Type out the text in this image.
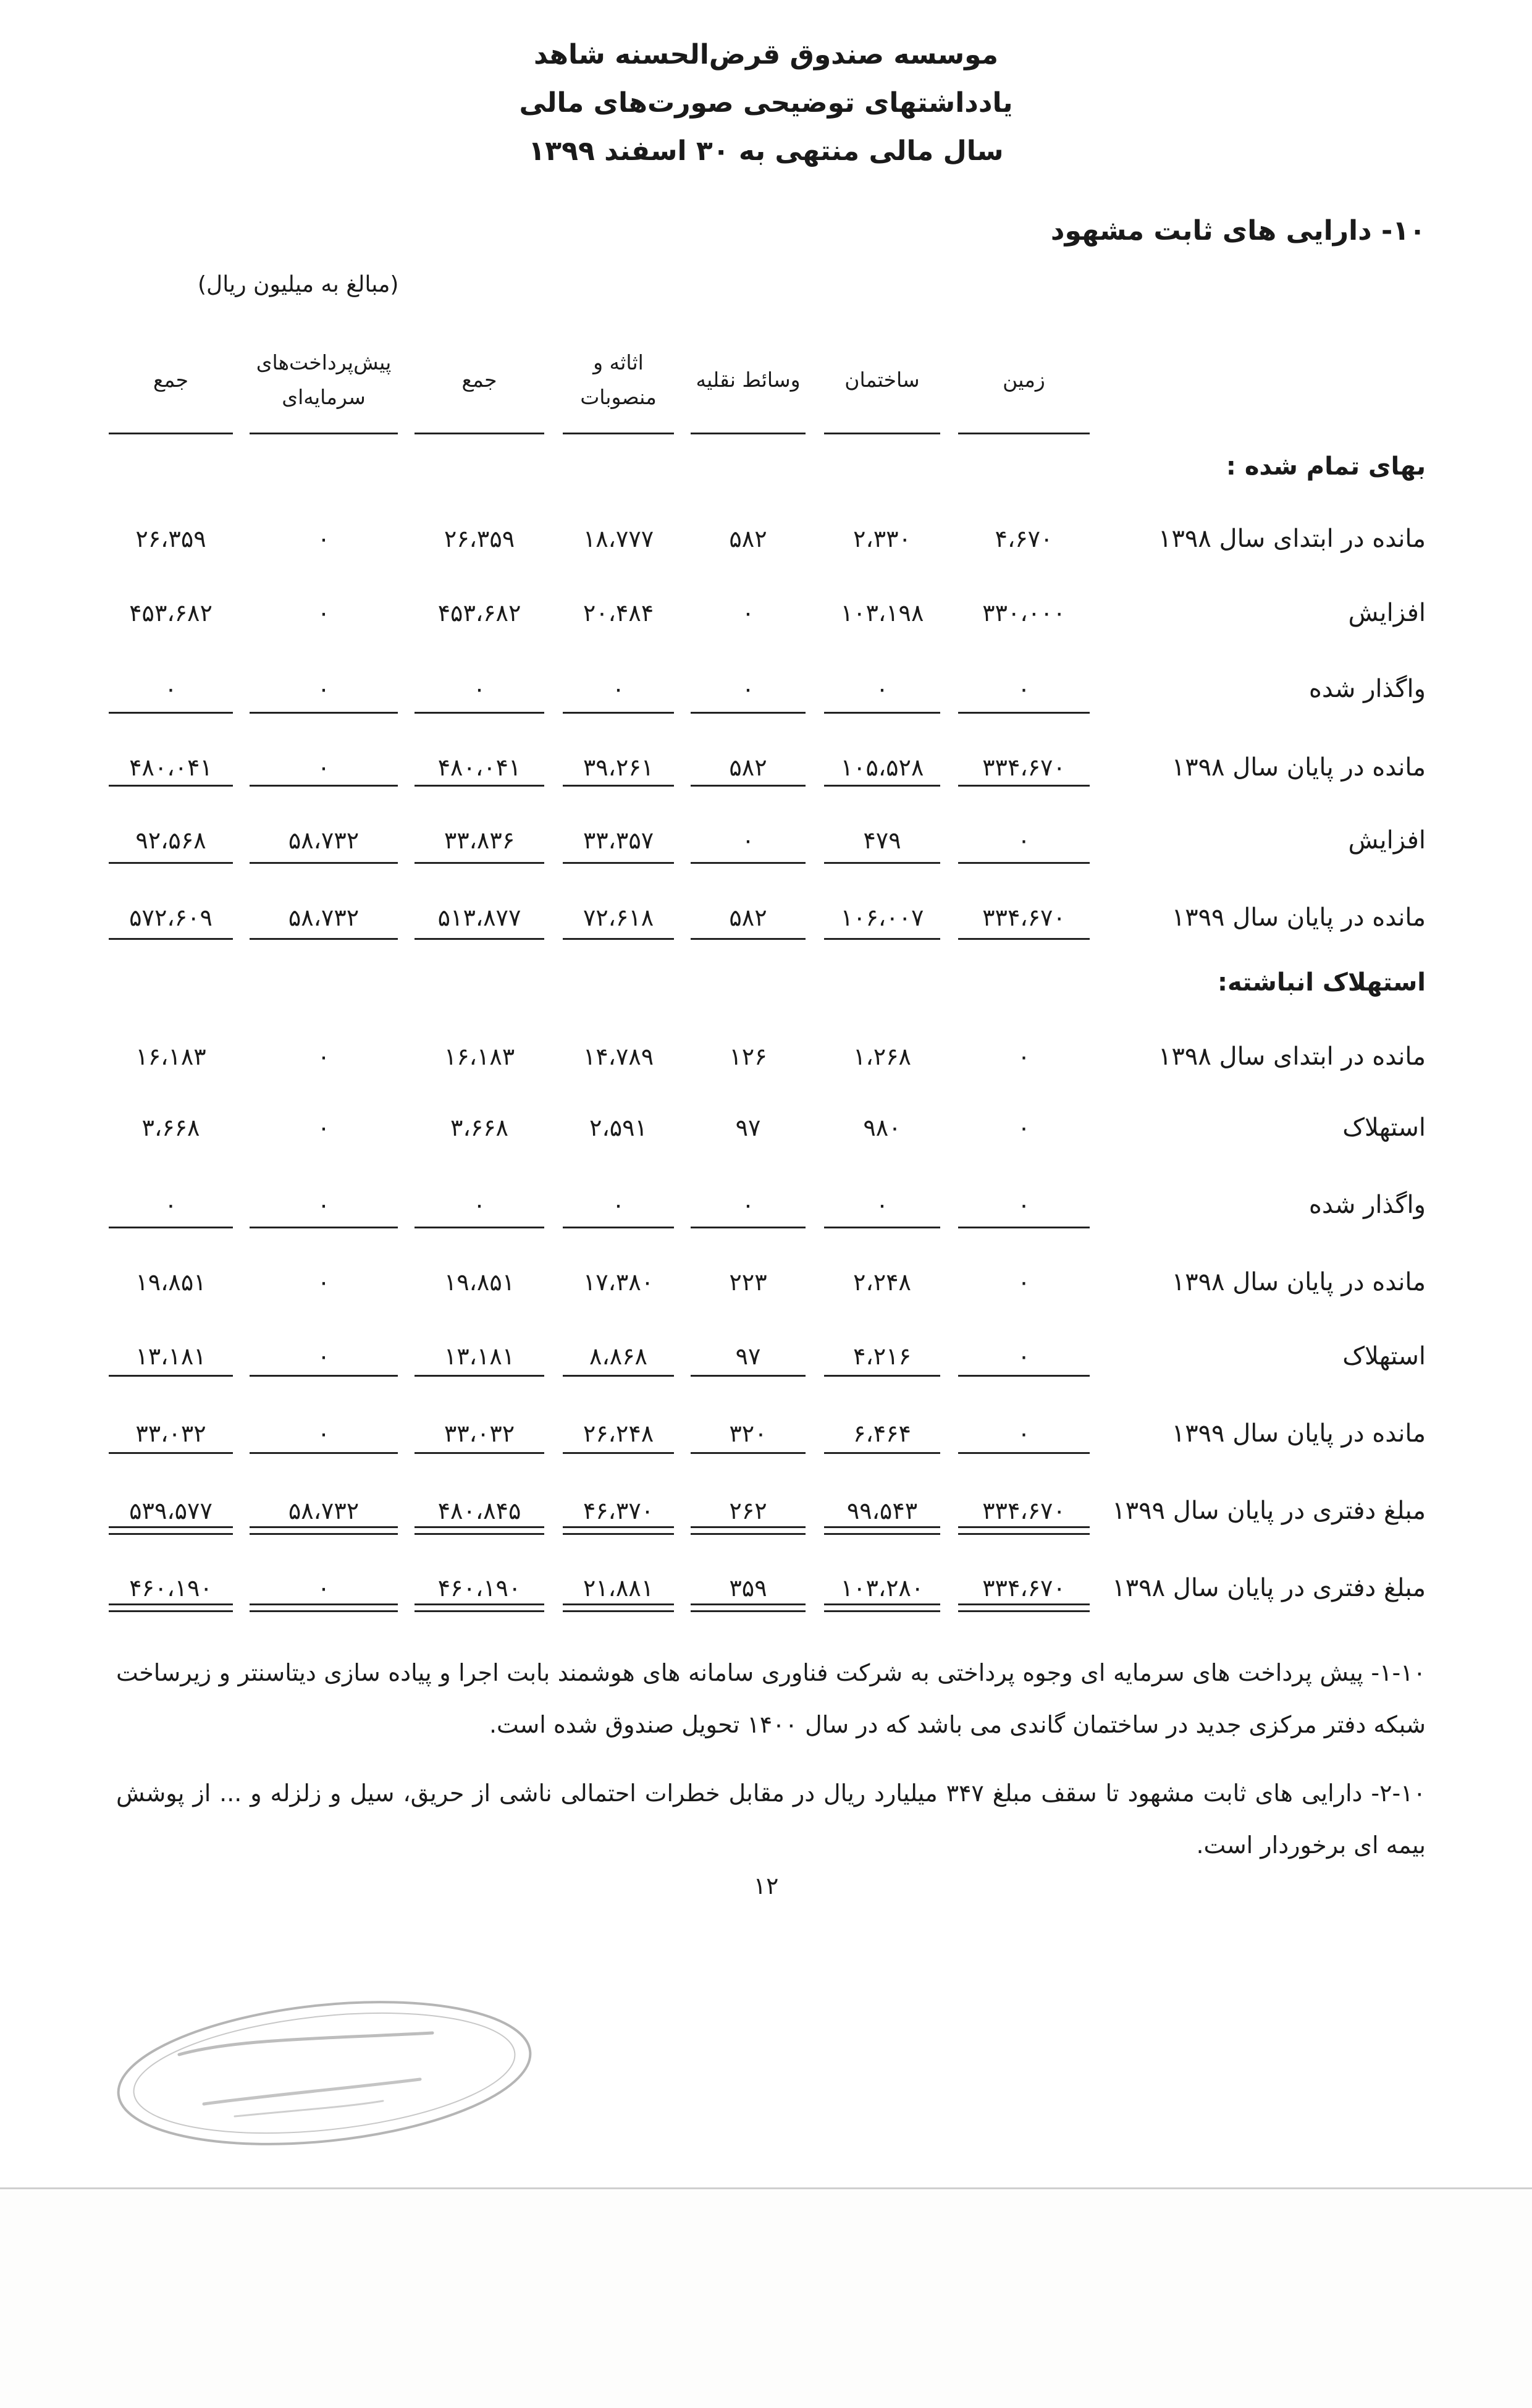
موسسه صندوق قرض‌الحسنه شاهد
یادداشتهای توضیحی صورت‌های مالی
سال مالی منتهی به ۳۰ اسفند ۱۳۹۹
۱۰- دارایی های ثابت مشهود
(مبالغ به میلیون ریال)
زمین
ساختمان
وسائط نقلیه
اثاثه و
منصوبات
جمع
پیش‌پرداخت‌های
سرمایه‌ای
جمع
بهای تمام شده :
استهلاک انباشته:
مانده در ابتدای سال ۱۳۹۸
۴،۶۷۰
۲،۳۳۰
۵۸۲
۱۸،۷۷۷
۲۶،۳۵۹
۰
۲۶،۳۵۹
افزایش
۳۳۰،۰۰۰
۱۰۳،۱۹۸
۰
۲۰،۴۸۴
۴۵۳،۶۸۲
۰
۴۵۳،۶۸۲
واگذار شده
۰
۰
۰
۰
۰
۰
۰
مانده در پایان سال ۱۳۹۸
۳۳۴،۶۷۰
۱۰۵،۵۲۸
۵۸۲
۳۹،۲۶۱
۴۸۰،۰۴۱
۰
۴۸۰،۰۴۱
افزایش
۰
۴۷۹
۰
۳۳،۳۵۷
۳۳،۸۳۶
۵۸،۷۳۲
۹۲،۵۶۸
مانده در پایان سال ۱۳۹۹
۳۳۴،۶۷۰
۱۰۶،۰۰۷
۵۸۲
۷۲،۶۱۸
۵۱۳،۸۷۷
۵۸،۷۳۲
۵۷۲،۶۰۹
مانده در ابتدای سال ۱۳۹۸
۰
۱،۲۶۸
۱۲۶
۱۴،۷۸۹
۱۶،۱۸۳
۰
۱۶،۱۸۳
استهلاک
۰
۹۸۰
۹۷
۲،۵۹۱
۳،۶۶۸
۰
۳،۶۶۸
واگذار شده
۰
۰
۰
۰
۰
۰
۰
مانده در پایان سال ۱۳۹۸
۰
۲،۲۴۸
۲۲۳
۱۷،۳۸۰
۱۹،۸۵۱
۰
۱۹،۸۵۱
استهلاک
۰
۴،۲۱۶
۹۷
۸،۸۶۸
۱۳،۱۸۱
۰
۱۳،۱۸۱
مانده در پایان سال ۱۳۹۹
۰
۶،۴۶۴
۳۲۰
۲۶،۲۴۸
۳۳،۰۳۲
۰
۳۳،۰۳۲
مبلغ دفتری در پایان سال ۱۳۹۹
۳۳۴،۶۷۰
۹۹،۵۴۳
۲۶۲
۴۶،۳۷۰
۴۸۰،۸۴۵
۵۸،۷۳۲
۵۳۹،۵۷۷
مبلغ دفتری در پایان سال ۱۳۹۸
۳۳۴،۶۷۰
۱۰۳،۲۸۰
۳۵۹
۲۱،۸۸۱
۴۶۰،۱۹۰
۰
۴۶۰،۱۹۰
۱-۱۰- پیش پرداخت های سرمایه ای وجوه پرداختی به شرکت فناوری سامانه های هوشمند بابت اجرا و پیاده سازی دیتاسنتر و زیرساخت شبکه دفتر مرکزی جدید در ساختمان گاندی می باشد که در سال ۱۴۰۰ تحویل صندوق شده است.
۲-۱۰- دارایی های ثابت مشهود تا سقف مبلغ ۳۴۷ میلیارد ریال در مقابل خطرات احتمالی ناشی از حریق، سیل و زلزله و ... از پوشش بیمه ای برخوردار است.
۱۲
